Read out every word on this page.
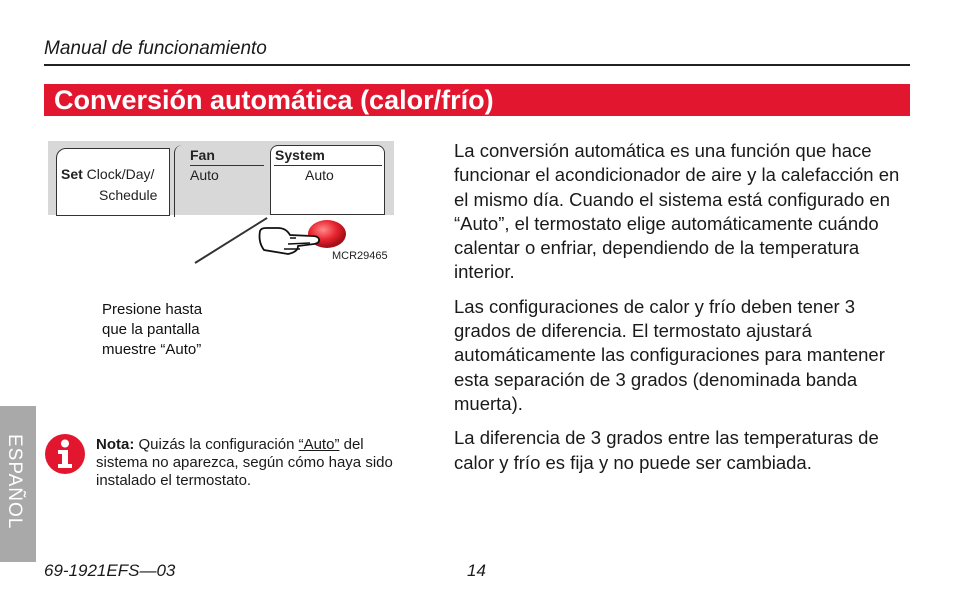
Manual de funcionamiento
Conversión automática (calor/frío)
Set Clock/Day/
Schedule
Fan
Auto
System
Auto
MCR29465
Presione hasta
que la pantalla
muestre “Auto”
ESPAÑOL	Nota: Quizás la configuración “Auto” del sistema no aparezca, según cómo haya sido instalado el termostato.

La conversión automática es una función que hace funcionar el acondicionador de aire y la calefacción en el mismo día. Cuando el sistema está configurado en “Auto”, el termostato elige automáticamente cuándo calentar o enfriar, dependiendo de la temperatura interior.

Las configuraciones de calor y frío deben tener 3 grados de diferencia. El termostato ajustará automáticamente las configuraciones para mantener esta separación de 3 grados (denominada banda muerta).

La diferencia de 3 grados entre las temperaturas de calor y frío es fija y no puede ser cambiada.

69-1921EFS—03	14
